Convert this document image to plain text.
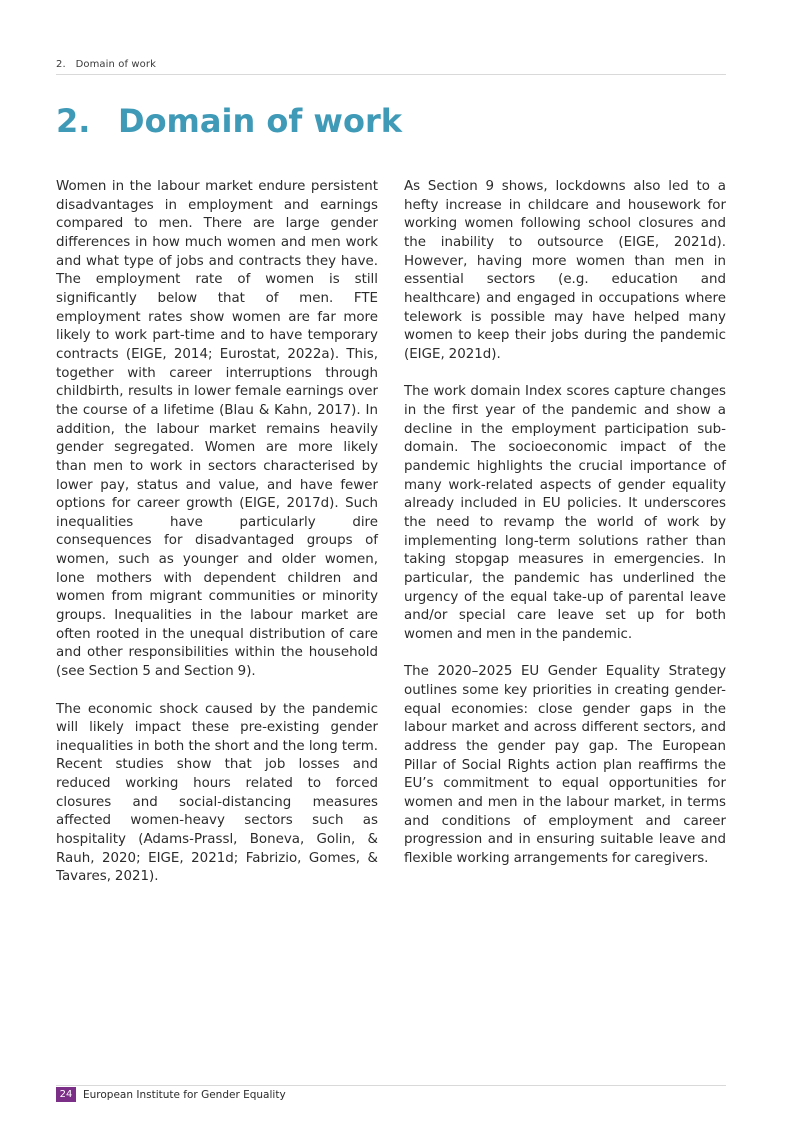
2.   Domain of work
2. Domain of work

Women in the labour market endure persistent disadvantages in employment and earnings compared to men. There are large gender differences in how much women and men work and what type of jobs and contracts they have. The employment rate of women is still significantly below that of men. FTE employment rates show women are far more likely to work part-time and to have temporary contracts (EIGE, 2014; Eurostat, 2022a). This, together with career interruptions through childbirth, results in lower female earnings over the course of a lifetime (Blau & Kahn, 2017). In addition, the labour market remains heavily gender segregated. Women are more likely than men to work in sectors characterised by lower pay, status and value, and have fewer options for career growth (EIGE, 2017d). Such inequalities have particularly dire consequences for disadvantaged groups of women, such as younger and older women, lone mothers with dependent children and women from migrant communities or minority groups. Inequalities in the labour market are often rooted in the unequal distribution of care and other responsibilities within the household (see Section 5 and Section 9).

The economic shock caused by the pandemic will likely impact these pre-existing gender inequalities in both the short and the long term. Recent studies show that job losses and reduced working hours related to forced closures and social-distancing measures affected women-heavy sectors such as hospitality (Adams-Prassl, Boneva, Golin, & Rauh, 2020; EIGE, 2021d; Fabrizio, Gomes, & Tavares, 2021).

As Section 9 shows, lockdowns also led to a hefty increase in childcare and housework for working women following school closures and the inability to outsource (EIGE, 2021d). However, having more women than men in essential sectors (e.g. education and healthcare) and engaged in occupations where telework is possible may have helped many women to keep their jobs during the pandemic (EIGE, 2021d).

The work domain Index scores capture changes in the first year of the pandemic and show a decline in the employment participation sub-domain. The socioeconomic impact of the pandemic highlights the crucial importance of many work-related aspects of gender equality already included in EU policies. It underscores the need to revamp the world of work by implementing long-term solutions rather than taking stopgap measures in emergencies. In particular, the pandemic has underlined the urgency of the equal take-up of parental leave and/or special care leave set up for both women and men in the pandemic.

The 2020–2025 EU Gender Equality Strategy outlines some key priorities in creating gender-equal economies: close gender gaps in the labour market and across different sectors, and address the gender pay gap. The European Pillar of Social Rights action plan reaffirms the EU’s commitment to equal opportunities for women and men in the labour market, in terms and conditions of employment and career progression and in ensuring suitable leave and flexible working arrangements for caregivers.

24	European Institute for Gender Equality
